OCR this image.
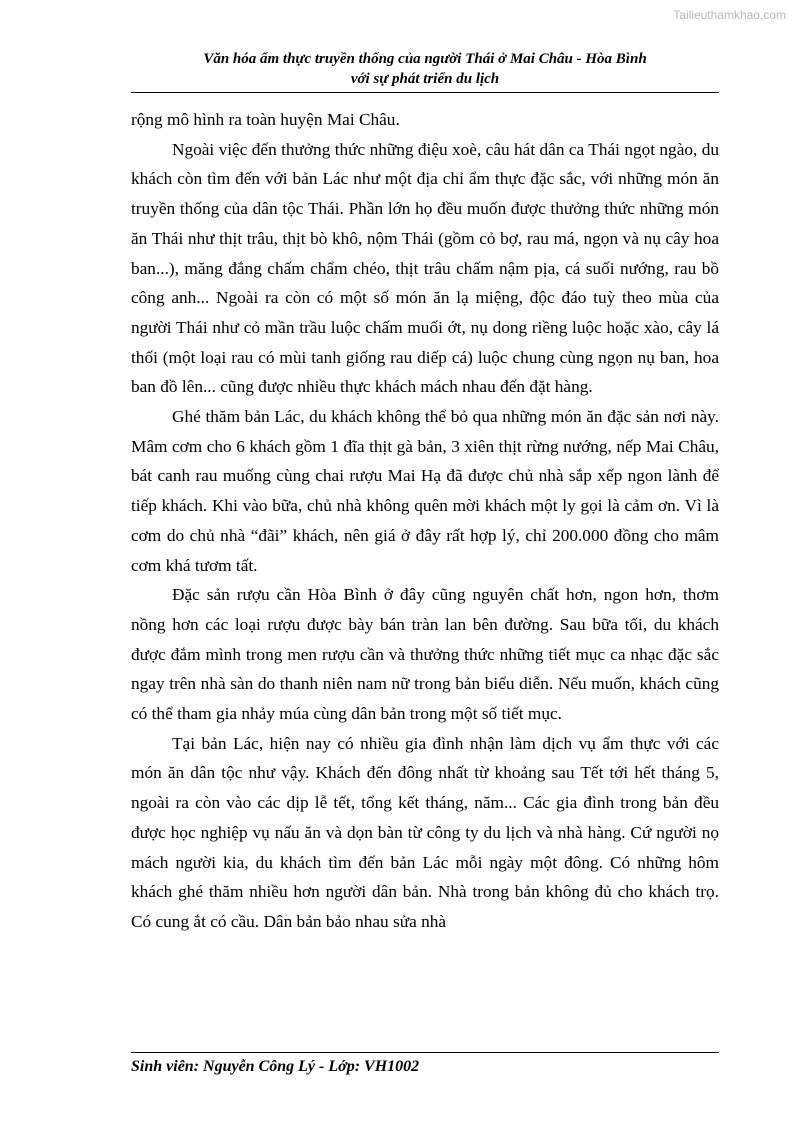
Tailieuthamkhao.com
Văn hóa ẩm thực truyền thống của người Thái ở Mai Châu - Hòa Bình
với sự phát triển du lịch

rộng mô hình ra toàn huyện Mai Châu.

Ngoài việc đến thưởng thức những điệu xoè, câu hát dân ca Thái ngọt ngào, du khách còn tìm đến với bản Lác như một địa chỉ ẩm thực đặc sắc, với những món ăn truyền thống của dân tộc Thái. Phần lớn họ đều muốn được thưởng thức những món ăn Thái như thịt trâu, thịt bò khô, nộm Thái (gồm cỏ bợ, rau má, ngọn và nụ cây hoa ban...), măng đắng chấm chẩm chéo, thịt trâu chấm nậm pịa, cá suối nướng, rau bồ công anh... Ngoài ra còn có một số món ăn lạ miệng, độc đáo tuỳ theo mùa của người Thái như cỏ mần trầu luộc chấm muối ớt, nụ dong riềng luộc hoặc xào, cây lá thối (một loại rau có mùi tanh giống rau diếp cá) luộc chung cùng ngọn nụ ban, hoa ban đồ lên... cũng được nhiều thực khách mách nhau đến đặt hàng.

Ghé thăm bản Lác, du khách không thể bỏ qua những món ăn đặc sản nơi này. Mâm cơm cho 6 khách gồm 1 đĩa thịt gà bản, 3 xiên thịt rừng nướng, nếp Mai Châu, bát canh rau muống cùng chai rượu Mai Hạ đã được chủ nhà sắp xếp ngon lành để tiếp khách. Khi vào bữa, chủ nhà không quên mời khách một ly gọi là cảm ơn. Vì là cơm do chủ nhà “đãi” khách, nên giá ở đây rất hợp lý, chỉ 200.000 đồng cho mâm cơm khá tươm tất.

Đặc sản rượu cần Hòa Bình ở đây cũng nguyên chất hơn, ngon hơn, thơm nồng hơn các loại rượu được bày bán tràn lan bên đường. Sau bữa tối, du khách được đắm mình trong men rượu cần và thưởng thức những tiết mục ca nhạc đặc sắc ngay trên nhà sàn do thanh niên nam nữ trong bản biểu diễn. Nếu muốn, khách cũng có thể tham gia nhảy múa cùng dân bản trong một số tiết mục.

Tại bản Lác, hiện nay có nhiều gia đình nhận làm dịch vụ ẩm thực với các món ăn dân tộc như vậy. Khách đến đông nhất từ khoảng sau Tết tới hết tháng 5, ngoài ra còn vào các dịp lễ tết, tổng kết tháng, năm... Các gia đình trong bản đều được học nghiệp vụ nấu ăn và dọn bàn từ công ty du lịch và nhà hàng. Cứ người nọ mách người kia, du khách tìm đến bản Lác mỗi ngày một đông. Có những hôm khách ghé thăm nhiều hơn người dân bản. Nhà trong bản không đủ cho khách trọ. Có cung ắt có cầu. Dân bản bảo nhau sửa nhà

Sinh viên: Nguyễn Công Lý - Lớp: VH1002
